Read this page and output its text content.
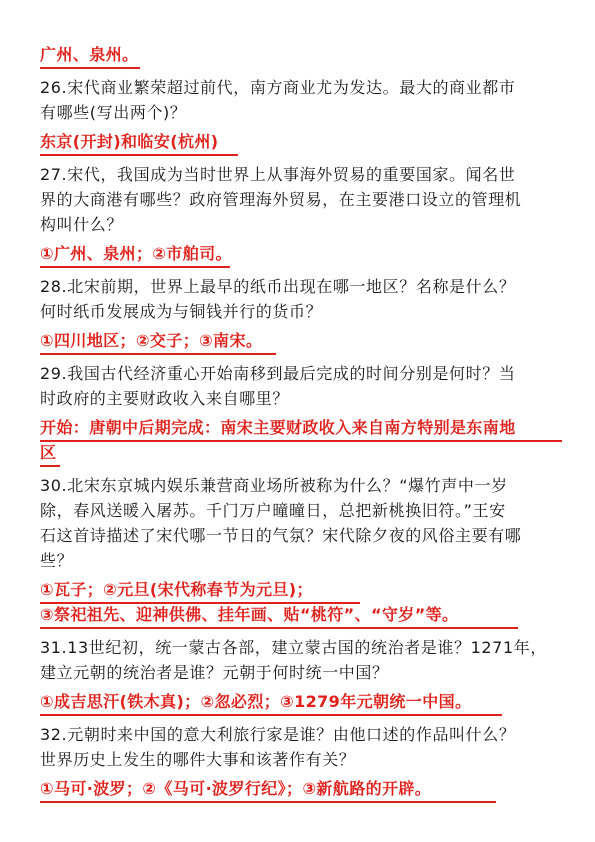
广州、泉州。
26.宋代商业繁荣超过前代，南方商业尤为发达。最大的商业都市
有哪些(写出两个)？
东京(开封)和临安(杭州)
27.宋代，我国成为当时世界上从事海外贸易的重要国家。闻名世
界的大商港有哪些？政府管理海外贸易，在主要港口设立的管理机
构叫什么？
①广州、泉州；②市舶司。
28.北宋前期，世界上最早的纸币出现在哪一地区？名称是什么？
何时纸币发展成为与铜钱并行的货币？
①四川地区；②交子；③南宋。
29.我国古代经济重心开始南移到最后完成的时间分别是何时？当
时政府的主要财政收入来自哪里？
开始：唐朝中后期完成：南宋主要财政收入来自南方特别是东南地
区
30.北宋东京城内娱乐兼营商业场所被称为什么？“爆竹声中一岁
除，春风送暖入屠苏。千门万户曈曈日，总把新桃换旧符。”王安
石这首诗描述了宋代哪一节日的气氛？宋代除夕夜的风俗主要有哪
些？
①瓦子；②元旦(宋代称春节为元旦)；
③祭祀祖先、迎神供佛、挂年画、贴“桃符”、“守岁”等。
31.13世纪初，统一蒙古各部，建立蒙古国的统治者是谁？1271年，
建立元朝的统治者是谁？元朝于何时统一中国？
①成吉思汗(铁木真)；②忽必烈；③1279年元朝统一中国。
32.元朝时来中国的意大利旅行家是谁？由他口述的作品叫什么？
世界历史上发生的哪件大事和该著作有关？
①马可·波罗；②《马可·波罗行纪》；③新航路的开辟。
